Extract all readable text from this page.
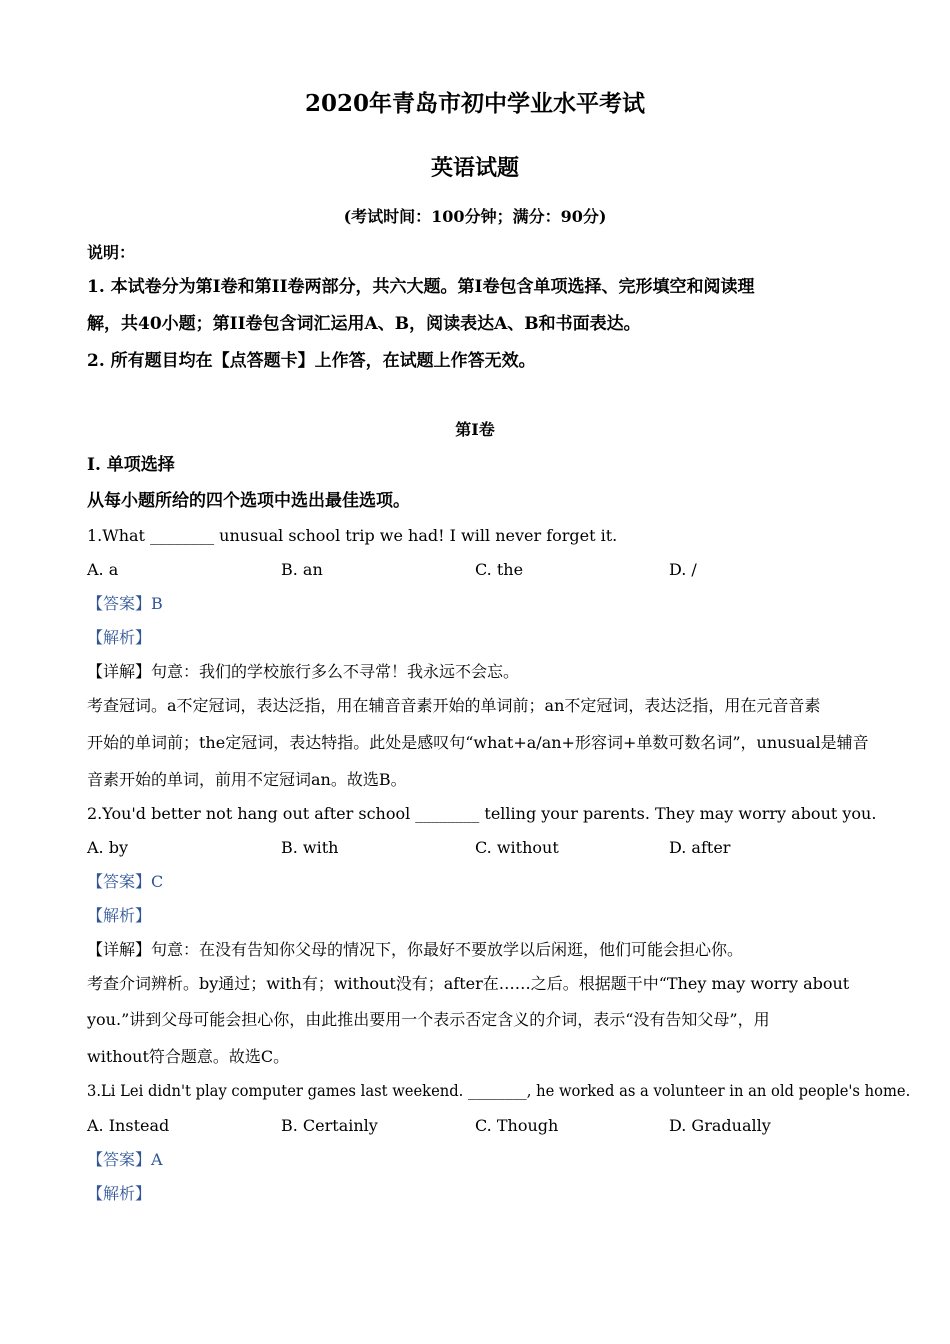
2020年青岛市初中学业水平考试
英语试题
(考试时间：100分钟；满分：90分)
说明：
1. 本试卷分为第I卷和第II卷两部分，共六大题。第I卷包含单项选择、完形填空和阅读理
解，共40小题；第II卷包含词汇运用A、B，阅读表达A、B和书面表达。
2. 所有题目均在【点答题卡】上作答，在试题上作答无效。
第I卷
I. 单项选择
从每小题所给的四个选项中选出最佳选项。
1.What ________ unusual school trip we had! I will never forget it.
A. a	B. an	C. the	D. /
【答案】B
【解析】
【详解】句意：我们的学校旅行多么不寻常！我永远不会忘。
考查冠词。a不定冠词，表达泛指，用在辅音音素开始的单词前；an不定冠词，表达泛指，用在元音音素
开始的单词前；the定冠词，表达特指。此处是感叹句“what+a/an+形容词+单数可数名词”，unusual是辅音
音素开始的单词，前用不定冠词an。故选B。
2.You'd better not hang out after school ________ telling your parents. They may worry about you.
A. by	B. with	C. without	D. after
【答案】C
【解析】
【详解】句意：在没有告知你父母的情况下，你最好不要放学以后闲逛，他们可能会担心你。
考查介词辨析。by通过；with有；without没有；after在……之后。根据题干中“They may worry about
you.”讲到父母可能会担心你，由此推出要用一个表示否定含义的介词，表示“没有告知父母”，用
without符合题意。故选C。
3.Li Lei didn't play computer games last weekend. ________, he worked as a volunteer in an old people's home.
A. Instead	B. Certainly	C. Though	D. Gradually
【答案】A
【解析】
